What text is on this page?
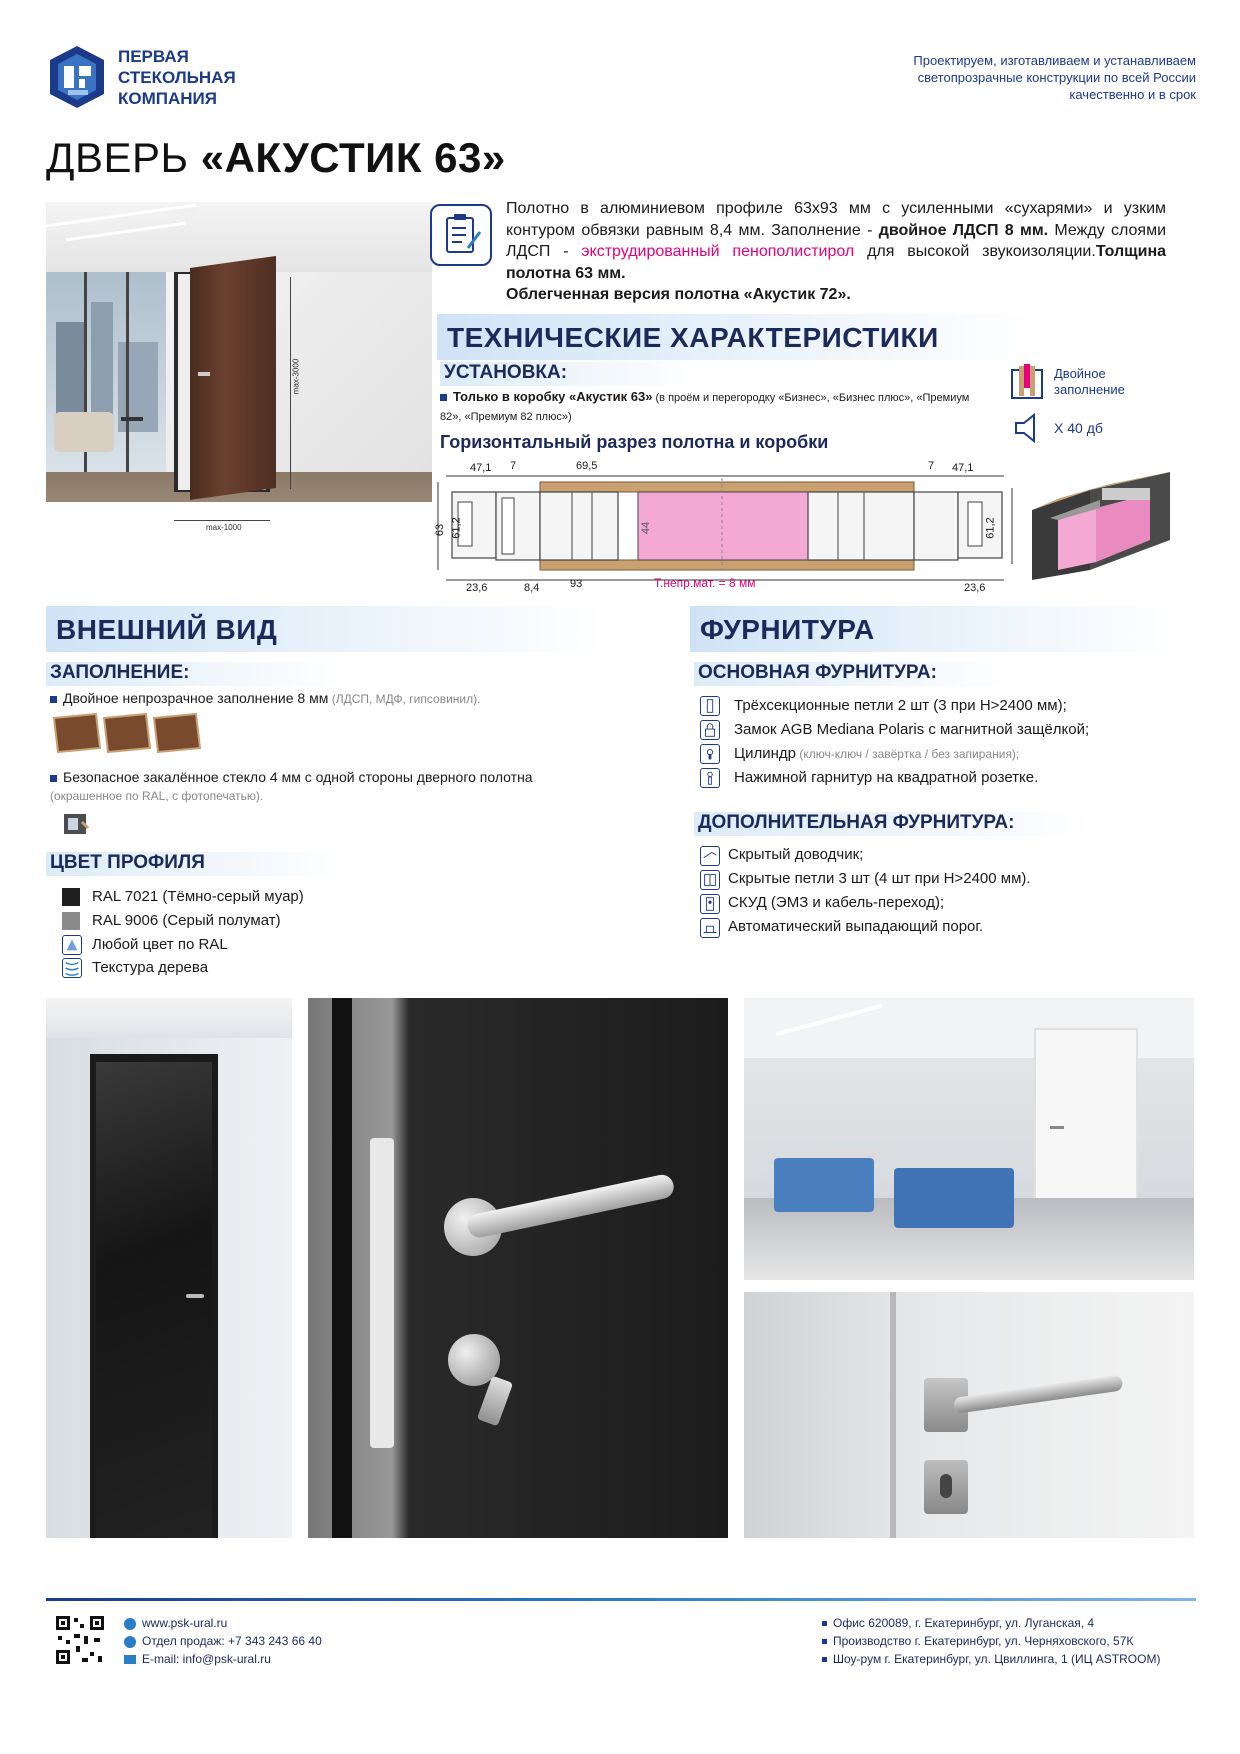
ПЕРВАЯ
СТЕКОЛЬНАЯ
КОМПАНИЯ
Проектируем, изготавливаем и устанавливаем
светопрозрачные конструкции по всей России
качественно и в срок
ДВЕРЬ «АКУСТИК 63»
max-3000
max-1000
Полотно в алюминиевом профиле 63х93 мм с усиленными «сухарями» и узким контуром обвязки равным 8,4 мм. Заполнение - двойное ЛДСП 8 мм. Между слоями ЛДСП - экструдированный пенополистирол для высокой звукоизоляции.Толщина полотна 63 мм.
Облегченная версия полотна «Акустик 72».
ТЕХНИЧЕСКИЕ ХАРАКТЕРИСТИКИ
УСТАНОВКА:
Только в коробку «Акустик 63» (в проём и перегородку «Бизнес», «Бизнес плюс», «Премиум 82», «Премиум 82 плюс»)
Горизонтальный разрез полотна и коробки
Двойное заполнение
Х 40 дб
47,1 7	69,5	7 47,1
63 61,2	44	61,2
23,6	8,4	93	Т.непр.мат. = 8 мм	23,6
ВНЕШНИЙ ВИД
ЗАПОЛНЕНИЕ:
Двойное непрозрачное заполнение 8 мм (ЛДСП, МДФ, гипсовинил).
Безопасное закалённое стекло 4 мм с одной стороны дверного полотна
(окрашенное по RAL, с фотопечатью).
ЦВЕТ ПРОФИЛЯ
RAL 7021 (Тёмно-серый муар)
RAL 9006 (Серый полумат)
Любой цвет по RAL
Текстура дерева
ФУРНИТУРА
ОСНОВНАЯ ФУРНИТУРА:
Трёхсекционные петли 2 шт (3 при Н>2400 мм);
Замок AGB Mediana Polaris с магнитной защёлкой;
Цилиндр (ключ-ключ / завёртка / без запирания);
Нажимной гарнитур на квадратной розетке.
ДОПОЛНИТЕЛЬНАЯ ФУРНИТУРА:
Скрытый доводчик;
Скрытые петли 3 шт (4 шт при Н>2400 мм).
СКУД (ЭМЗ и кабель-переход);
Автоматический выпадающий порог.
www.psk-ural.ru
Отдел продаж: +7 343 243 66 40
E-mail: info@psk-ural.ru
Офис 620089, г. Екатеринбург, ул. Луганская, 4
Производство г. Екатеринбург, ул. Черняховского, 57К
Шоу-рум г. Екатеринбург, ул. Цвиллинга, 1 (ИЦ ASTROOM)
